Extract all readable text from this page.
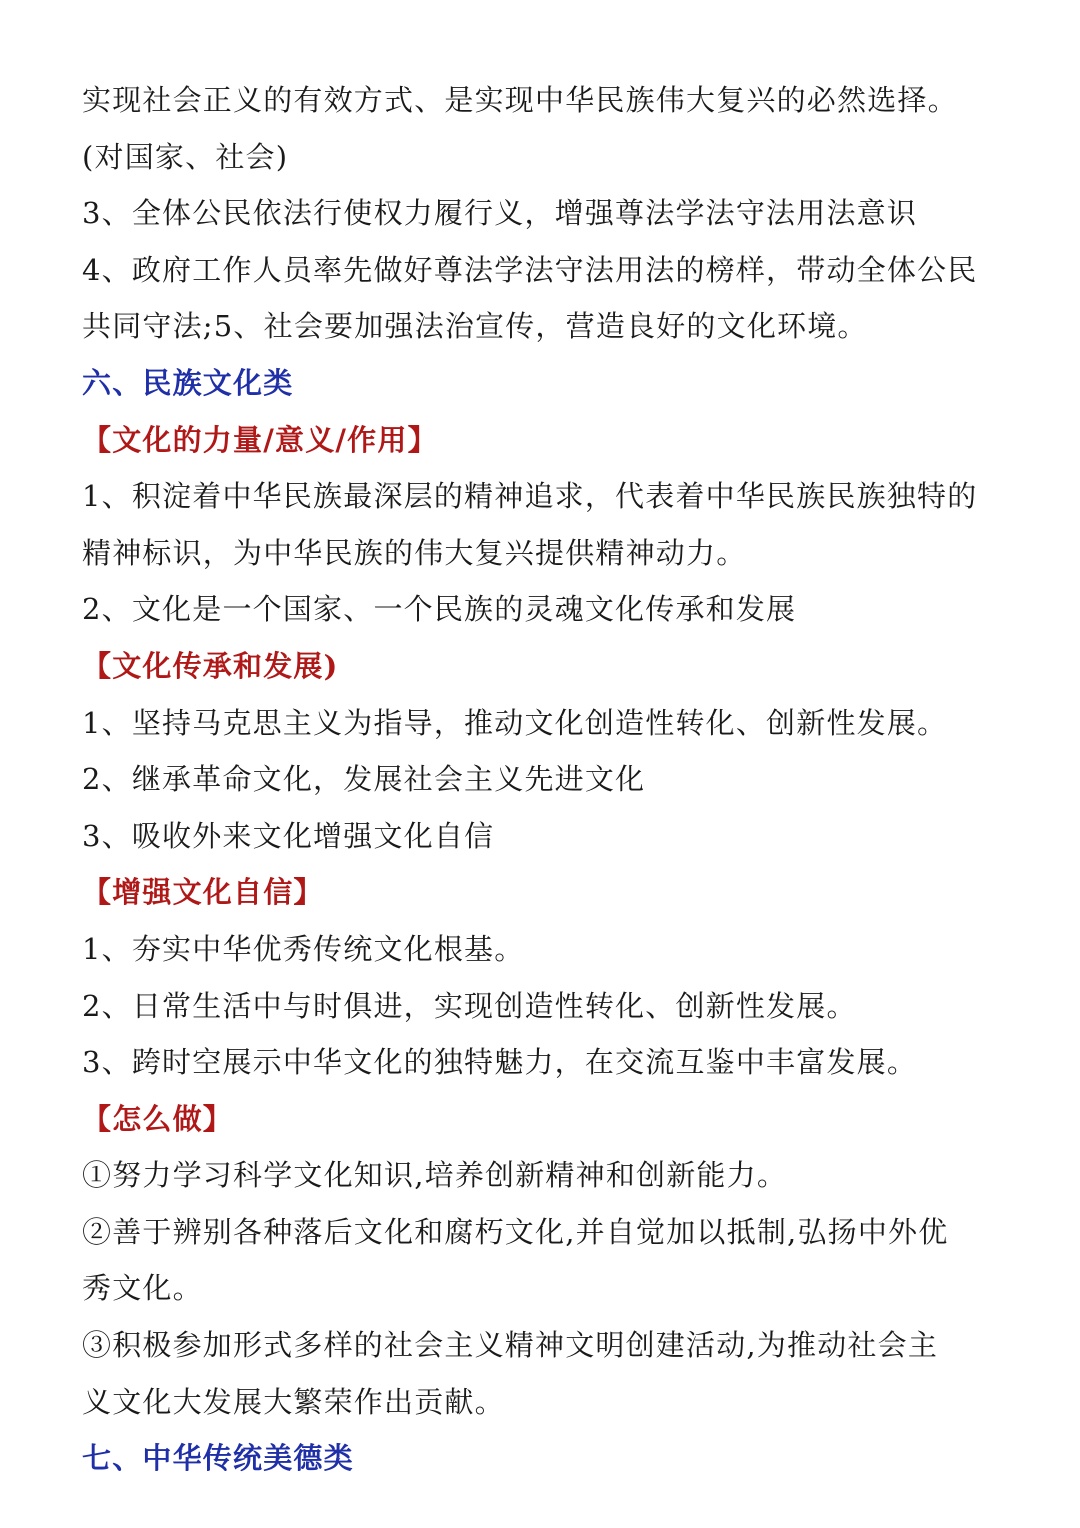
实现社会正义的有效方式、是实现中华民族伟大复兴的必然选择。
(对国家、社会)
3、全体公民依法行使权力履行义，增强尊法学法守法用法意识
4、政府工作人员率先做好尊法学法守法用法的榜样，带动全体公民
共同守法;5、社会要加强法治宣传，营造良好的文化环境。
六、民族文化类
【文化的力量/意义/作用】
1、积淀着中华民族最深层的精神追求，代表着中华民族民族独特的
精神标识，为中华民族的伟大复兴提供精神动力。
2、文化是一个国家、一个民族的灵魂文化传承和发展
【文化传承和发展)
1、坚持马克思主义为指导，推动文化创造性转化、创新性发展。
2、继承革命文化，发展社会主义先进文化
3、吸收外来文化增强文化自信
【增强文化自信】
1、夯实中华优秀传统文化根基。
2、日常生活中与时俱进，实现创造性转化、创新性发展。
3、跨时空展示中华文化的独特魅力，在交流互鉴中丰富发展。
【怎么做】
①努力学习科学文化知识,培养创新精神和创新能力。
②善于辨别各种落后文化和腐朽文化,并自觉加以抵制,弘扬中外优
秀文化。
③积极参加形式多样的社会主义精神文明创建活动,为推动社会主
义文化大发展大繁荣作出贡献。
七、中华传统美德类
